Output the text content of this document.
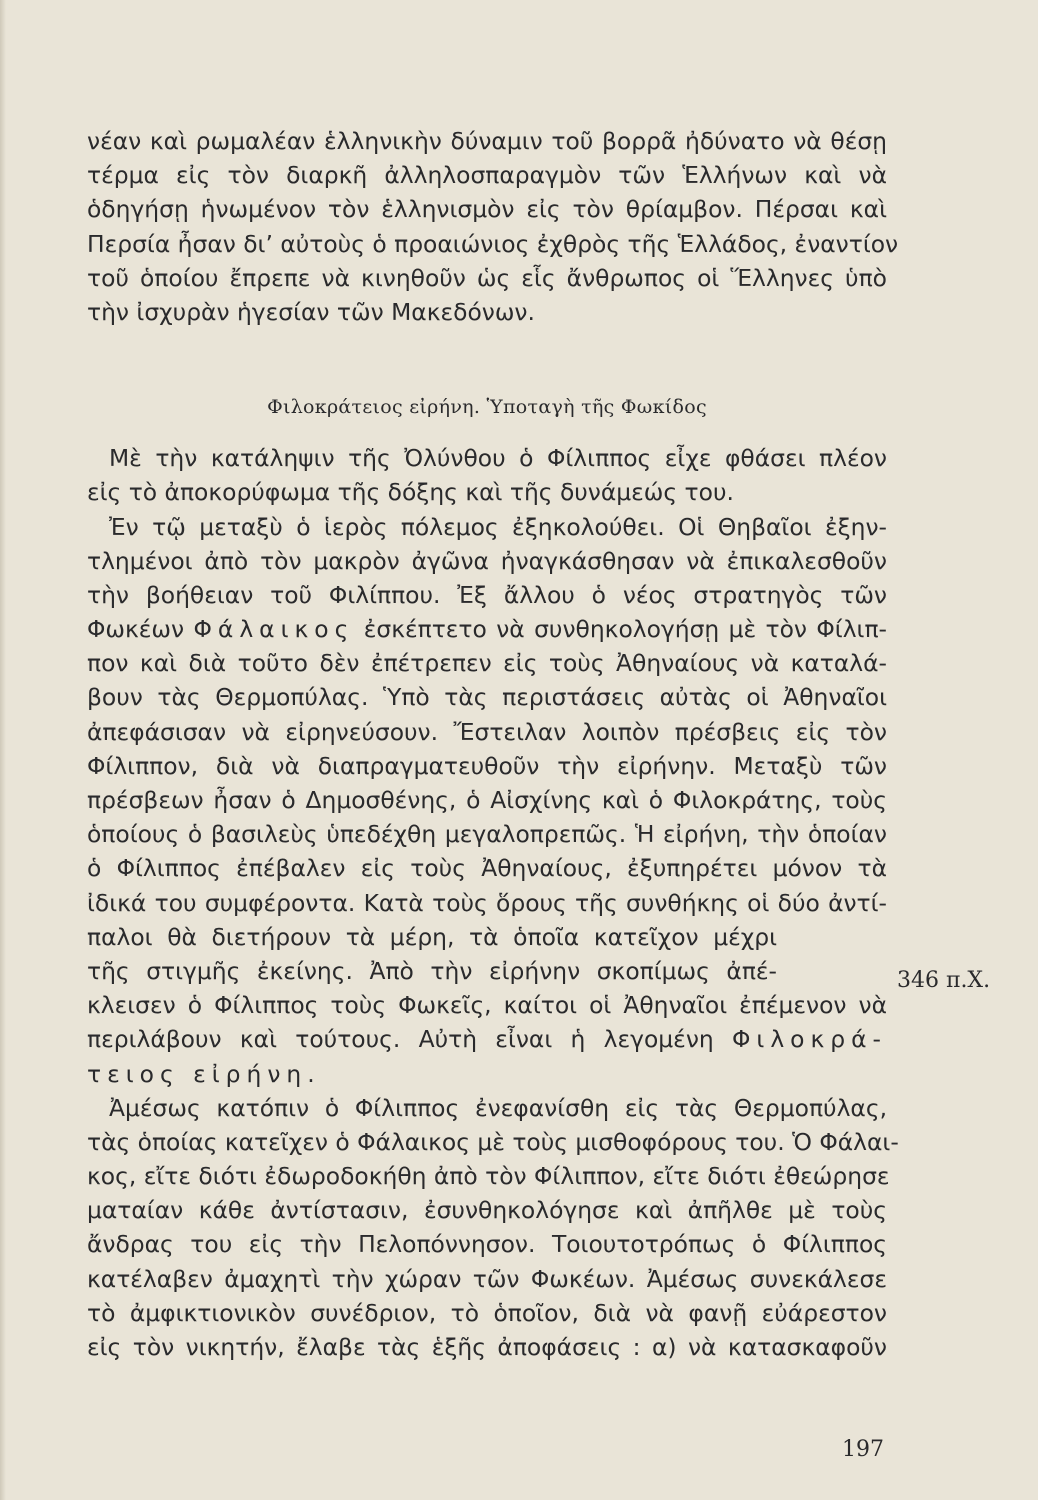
νέαν καὶ ρωμαλέαν ἑλληνικὴν δύναμιν τοῦ βορρᾶ ἠδύνατο νὰ θέσῃ
τέρμα εἰς τὸν διαρκῆ ἀλληλοσπαραγμὸν τῶν Ἑλλήνων καὶ νὰ
ὁδηγήσῃ ἡνωμένον τὸν ἑλληνισμὸν εἰς τὸν θρίαμβον. Πέρσαι καὶ
Περσία ἦσαν δι’ αὐτοὺς ὁ προαιώνιος ἐχθρὸς τῆς Ἑλλάδος, ἐναντίον
τοῦ ὁποίου ἔπρεπε νὰ κινηθοῦν ὡς εἷς ἄνθρωπος οἱ Ἕλληνες ὑπὸ
τὴν ἰσχυρὰν ἡγεσίαν τῶν Μακεδόνων.
Φιλοκράτειος εἰρήνη. Ὑποταγὴ τῆς Φωκίδος
Μὲ τὴν κατάληψιν τῆς Ὀλύνθου ὁ Φίλιππος εἶχε φθάσει πλέον
εἰς τὸ ἀποκορύφωμα τῆς δόξης καὶ τῆς δυνάμεώς του.
Ἐν τῷ μεταξὺ ὁ ἱερὸς πόλεμος ἐξηκολούθει. Οἱ Θηβαῖοι ἐξην-
τλημένοι ἀπὸ τὸν μακρὸν ἀγῶνα ἠναγκάσθησαν νὰ ἐπικαλεσθοῦν
τὴν βοήθειαν τοῦ Φιλίππου. Ἐξ ἄλλου ὁ νέος στρατηγὸς τῶν
Φωκέων Φάλαικος ἐσκέπτετο νὰ συνθηκολογήσῃ μὲ τὸν Φίλιπ-
πον καὶ διὰ τοῦτο δὲν ἐπέτρεπεν εἰς τοὺς Ἀθηναίους νὰ καταλά-
βουν τὰς Θερμοπύλας. Ὑπὸ τὰς περιστάσεις αὐτὰς οἱ Ἀθηναῖοι
ἀπεφάσισαν νὰ εἰρηνεύσουν. Ἔστειλαν λοιπὸν πρέσβεις εἰς τὸν
Φίλιππον, διὰ νὰ διαπραγματευθοῦν τὴν εἰρήνην. Μεταξὺ τῶν
πρέσβεων ἦσαν ὁ Δημοσθένης, ὁ Αἰσχίνης καὶ ὁ Φιλοκράτης, τοὺς
ὁποίους ὁ βασιλεὺς ὑπεδέχθη μεγαλοπρεπῶς. Ἡ εἰρήνη, τὴν ὁποίαν
ὁ Φίλιππος ἐπέβαλεν εἰς τοὺς Ἀθηναίους, ἐξυπηρέτει μόνον τὰ
ἰδικά του συμφέροντα. Κατὰ τοὺς ὅρους τῆς συνθήκης οἱ δύο ἀντί-
παλοι θὰ διετήρουν τὰ μέρη, τὰ ὁποῖα κατεῖχον μέχρι
τῆς στιγμῆς ἐκείνης. Ἀπὸ τὴν εἰρήνην σκοπίμως ἀπέ-
κλεισεν ὁ Φίλιππος τοὺς Φωκεῖς, καίτοι οἱ Ἀθηναῖοι ἐπέμενον νὰ
περιλάβουν καὶ τούτους. Αὐτὴ εἶναι ἡ λεγομένη Φιλοκρά-
τειος εἰρήνη.
Ἀμέσως κατόπιν ὁ Φίλιππος ἐνεφανίσθη εἰς τὰς Θερμοπύλας,
τὰς ὁποίας κατεῖχεν ὁ Φάλαικος μὲ τοὺς μισθοφόρους του. Ὁ Φάλαι-
κος, εἴτε διότι ἐδωροδοκήθη ἀπὸ τὸν Φίλιππον, εἴτε διότι ἐθεώρησε
ματαίαν κάθε ἀντίστασιν, ἐσυνθηκολόγησε καὶ ἀπῆλθε μὲ τοὺς
ἄνδρας του εἰς τὴν Πελοπόννησον. Τοιουτοτρόπως ὁ Φίλιππος
κατέλαβεν ἀμαχητὶ τὴν χώραν τῶν Φωκέων. Ἀμέσως συνεκάλεσε
τὸ ἀμφικτιονικὸν συνέδριον, τὸ ὁποῖον, διὰ νὰ φανῇ εὐάρεστον
εἰς τὸν νικητήν, ἔλαβε τὰς ἑξῆς ἀποφάσεις : α) νὰ κατασκαφοῦν
346 π.Χ.
197
